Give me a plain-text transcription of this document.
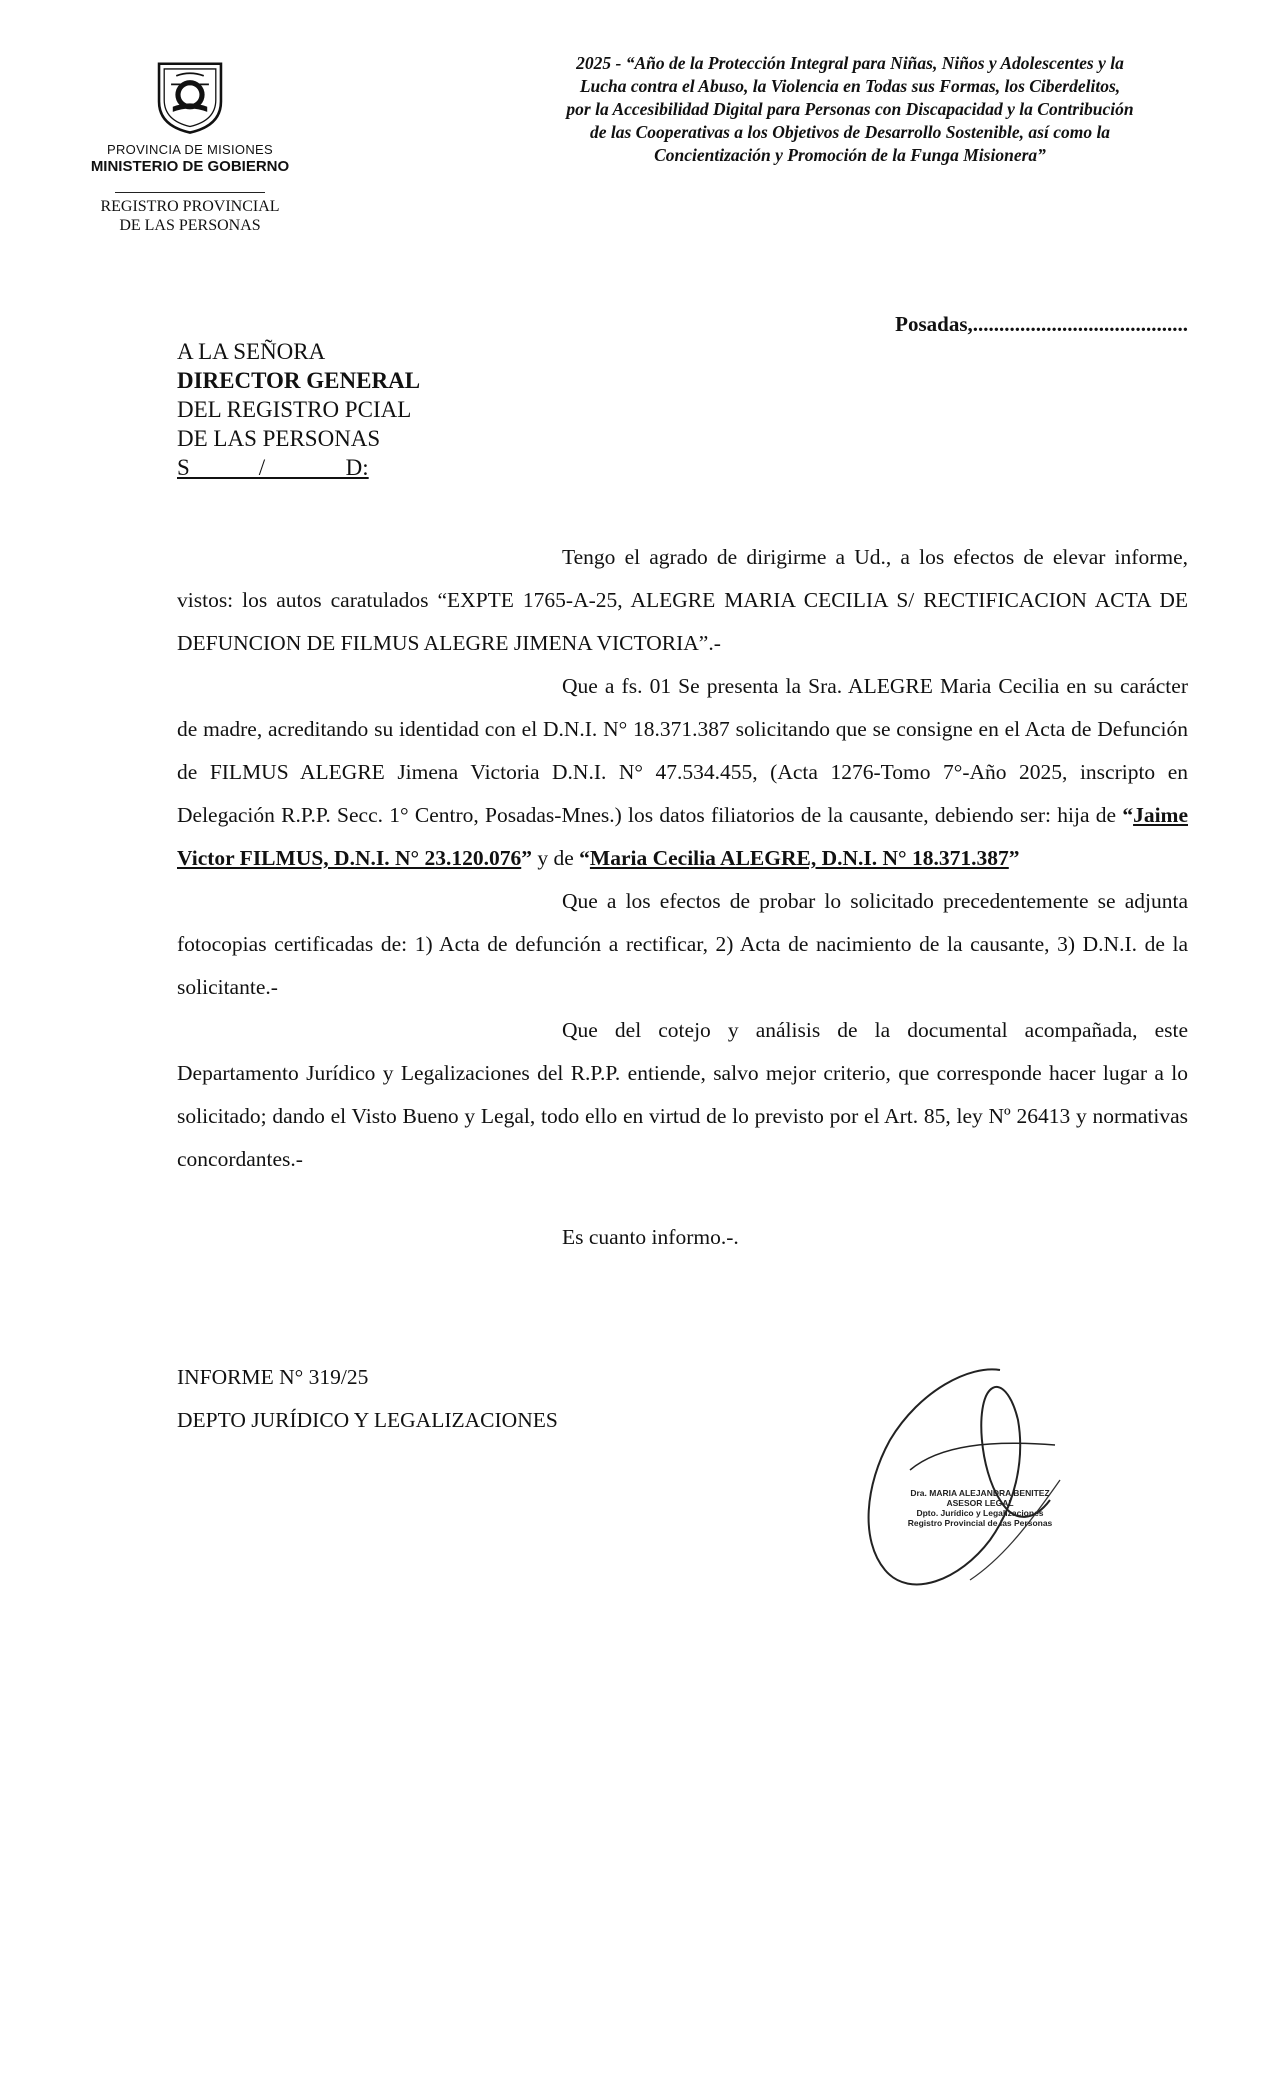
PROVINCIA DE MISIONES
MINISTERIO DE GOBIERNO
REGISTRO PROVINCIAL
DE LAS PERSONAS
2025 - “Año de la Protección Integral para Niñas, Niños y Adolescentes y la
Lucha contra el Abuso, la Violencia en Todas sus Formas, los Ciberdelitos,
por la Accesibilidad Digital para Personas con Discapacidad y la Contribución
de las Cooperativas a los Objetivos de Desarrollo Sostenible, así como la
Concientización y Promoción de la Funga Misionera”
Posadas,.........................................
A LA SEÑORA
DIRECTOR GENERAL
DEL REGISTRO PCIAL
DE LAS PERSONAS
S            /              D:

Tengo el agrado de dirigirme a Ud., a los efectos de elevar informe, vistos: los autos caratulados “EXPTE 1765-A-25, ALEGRE MARIA CECILIA S/ RECTIFICACION ACTA DE DEFUNCION DE FILMUS ALEGRE JIMENA VICTORIA”.-

Que a fs. 01 Se presenta la Sra. ALEGRE Maria Cecilia en su carácter de madre, acreditando su identidad con el D.N.I. N° 18.371.387 solicitando que se consigne en el Acta de Defunción de FILMUS ALEGRE Jimena Victoria D.N.I. N° 47.534.455, (Acta 1276-Tomo 7°-Año 2025, inscripto en Delegación R.P.P. Secc. 1° Centro, Posadas-Mnes.) los datos filiatorios de la causante, debiendo ser: hija de “Jaime Victor FILMUS, D.N.I. N° 23.120.076” y de “Maria Cecilia ALEGRE, D.N.I. N° 18.371.387”

Que a los efectos de probar lo solicitado precedentemente se adjunta fotocopias certificadas de: 1) Acta de defunción a rectificar, 2) Acta de nacimiento de la causante, 3) D.N.I. de la solicitante.-

Que del cotejo y análisis de la documental acompañada, este Departamento Jurídico y Legalizaciones del R.P.P. entiende, salvo mejor criterio, que corresponde hacer lugar a lo solicitado; dando el Visto Bueno y Legal, todo ello en virtud de lo previsto por el Art. 85, ley Nº 26413 y normativas concordantes.-

Es cuanto informo.-.
INFORME N° 319/25
DEPTO JURÍDICO Y LEGALIZACIONES
Dra. MARIA ALEJANDRA BENITEZ
ASESOR LEGAL
Dpto. Jurídico y Legalizaciones
Registro Provincial de las Personas
